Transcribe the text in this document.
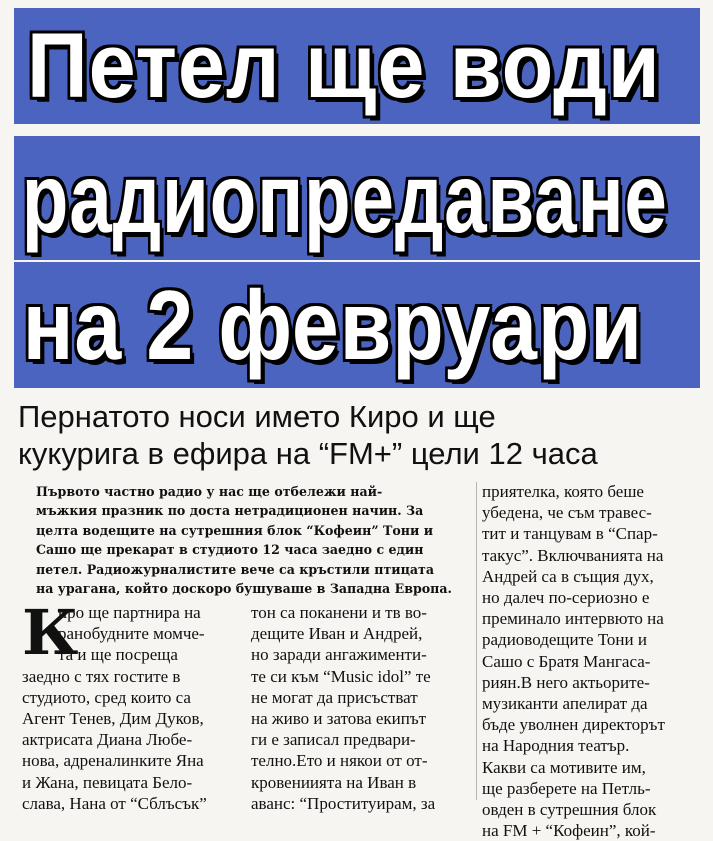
Петел ще води
радиопредаване
на 2 февруари
Пернатото носи името Киро и ще
кукурига в ефира на “FM+” цели 12 часа
Първото частно радио у нас ще отбележи най-
мъжкия празник по доста нетрадиционен начин. За
целта водещите на сутрешния блок “Кофеин” Тони и
Сашо ще прекарат в студиото 12 часа заедно с един
петел. Радиожурналистите вече са кръстили птицата
на урагана, който доскоро бушуваше в Западна Европа.
К
иро ще партнира на
ранобудните момче-
та и ще посреща
заедно с тях гостите в
студиото, сред които са
Агент Тенев, Дим Дуков,
актрисата Диана Любе-
нова, адреналинките Яна
и Жана, певицата Бело-
слава, Нана от “Сблъсък”
тон са поканени и тв во-
дещите Иван и Андрей,
но заради ангажименти-
те си към “Music idol” те
не могат да присъстват
на живо и затова екипът
ги е записал предвари-
телно.Ето и някои от от-
кровениията на Иван в
аванс: “Проституирам, за
приятелка, която беше
убедена, че съм травес-
тит и танцувам в “Спар-
такус”. Включванията на
Андрей са в същия дух,
но далеч по-сериозно е
преминало интервюто на
радиоводещите Тони и
Сашо с Братя Мангаса-
риян.В него актьорите-
музиканти апелират да
бъде уволнен директорът
на Народния театър.
Какви са мотивите им,
ще разберете на Петль-
овден в сутрешния блок
на FM + “Кофеин”, кой-
